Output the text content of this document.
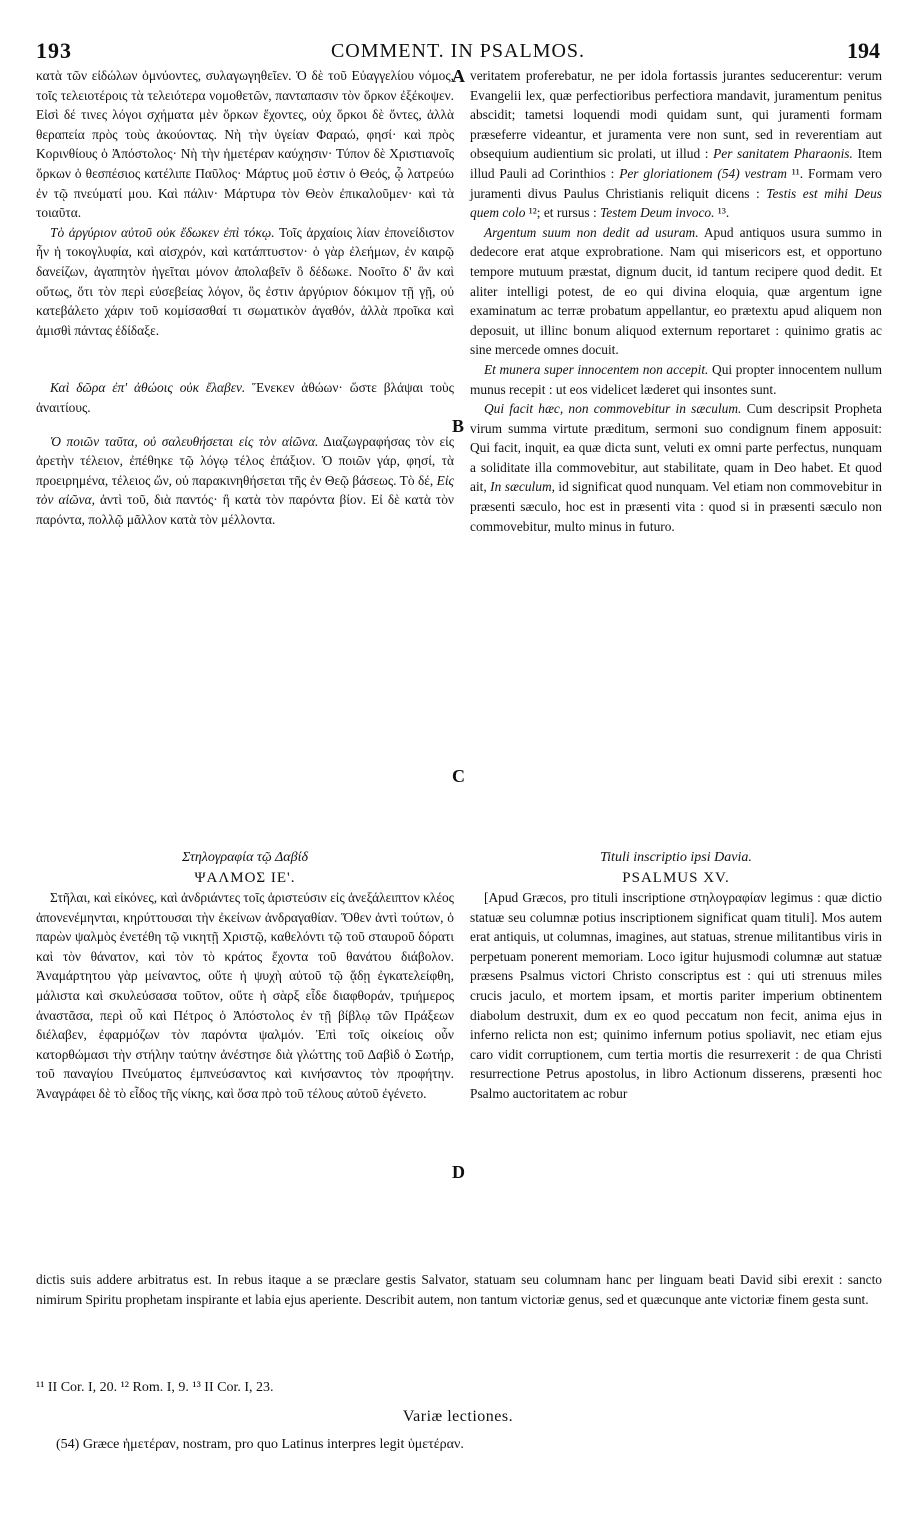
193	COMMENT. IN PSALMOS.	194

κατὰ τῶν εἰδώλων ὀμνύοντες, συλαγωγηθεῖεν. Ὁ δὲ τοῦ Εὐαγγελίου νόμος, τοῖς τελειοτέροις τὰ τελειότερα νομοθετῶν, πανταπασιν τὸν ὅρκον ἐξέκοψεν. Εἰσὶ δέ τινες λόγοι σχήματα μὲν ὅρκων ἔχοντες, οὐχ ὅρκοι δὲ ὄντες, ἀλλὰ θεραπεία πρὸς τοὺς ἀκούοντας. Νὴ τὴν ὑγείαν Φαραώ, φησί· καὶ πρὸς Κορινθίους ὁ Ἀπόστολος· Νὴ τὴν ἡμετέραν καύχησιν· Τύπον δὲ Χριστιανοῖς ὅρκων ὁ θεσπέσιος κατέλιπε Παῦλος· Μάρτυς μοῦ ἐστιν ὁ Θεός, ᾧ λατρεύω ἐν τῷ πνεύματί μου. Καὶ πάλιν· Μάρτυρα τὸν Θεὸν ἐπικαλοῦμεν· καὶ τὰ τοιαῦτα.

Τὸ ἀργύριον αὐτοῦ οὐκ ἔδωκεν ἐπὶ τόκῳ. Τοῖς ἀρχαίοις λίαν ἐπονείδιστον ἦν ἡ τοκογλυφία, καὶ αἰσχρόν, καὶ κατάπτυστον· ὁ γὰρ ἐλεήμων, ἐν καιρῷ δανείζων, ἀγαπητὸν ἡγεῖται μόνον ἀπολαβεῖν ὃ δέδωκε. Νοοῖτο δ' ἂν καὶ οὕτως, ὅτι τὸν περὶ εὐσεβείας λόγον, ὃς ἐστιν ἀργύριον δόκιμον τῇ γῇ, οὐ κατεβάλετο χάριν τοῦ κομίσασθαί τι σωματικὸν ἀγαθόν, ἀλλὰ προῖκα καὶ ἀμισθὶ πάντας ἐδίδαξε.

Καὶ δῶρα ἐπ' ἀθώοις οὐκ ἔλαβεν. Ἕνεκεν ἀθώων· ὥστε βλάψαι τοὺς ἀναιτίους.

Ὁ ποιῶν ταῦτα, οὐ σαλευθήσεται εἰς τὸν αἰῶνα. Διαζωγραφήσας τὸν εἰς ἀρετὴν τέλειον, ἐπέθηκε τῷ λόγῳ τέλος ἐπάξιον. Ὁ ποιῶν γάρ, φησί, τὰ προειρημένα, τέλειος ὤν, οὐ παρακινηθήσεται τῆς ἐν Θεῷ βάσεως. Τὸ δέ, Εἰς τὸν αἰῶνα, ἀντὶ τοῦ, διὰ παντός· ἢ κατὰ τὸν παρόντα βίον. Εἰ δὲ κατὰ τὸν παρόντα, πολλῷ μᾶλλον κατὰ τὸν μέλλοντα.

veritatem proferebatur, ne per idola fortassis jurantes seducerentur: verum Evangelii lex, quæ perfectioribus perfectiora mandavit, juramentum penitus abscidit; tametsi loquendi modi quidam sunt, qui juramenti formam præseferre videantur, et juramenta vere non sunt, sed in reverentiam aut obsequium audientium sic prolati, ut illud : Per sanitatem Pharaonis. Item illud Pauli ad Corinthios : Per gloriationem (54) vestram ¹¹. Formam vero juramenti divus Paulus Christianis reliquit dicens : Testis est mihi Deus quem colo ¹²; et rursus : Testem Deum invoco. ¹³.

Argentum suum non dedit ad usuram. Apud antiquos usura summo in dedecore erat atque exprobratione. Nam qui misericors est, et opportuno tempore mutuum præstat, dignum ducit, id tantum recipere quod dedit. Et aliter intelligi potest, de eo qui divina eloquia, quæ argentum igne examinatum ac terræ probatum appellantur, eo prætextu apud aliquem non deposuit, ut illinc bonum aliquod externum reportaret : quinimo gratis ac sine mercede omnes docuit.

Et munera super innocentem non accepit. Qui propter innocentem nullum munus recepit : ut eos videlicet læderet qui insontes sunt.

Qui facit hæc, non commovebitur in sæculum. Cum descripsit Propheta virum summa virtute præditum, sermoni suo condignum finem apposuit: Qui facit, inquit, ea quæ dicta sunt, veluti ex omni parte perfectus, nunquam a soliditate illa commovebitur, aut stabilitate, quam in Deo habet. Et quod ait, In sæculum, id significat quod nunquam. Vel etiam non commovebitur in præsenti sæculo, hoc est in præsenti vita : quod si in præsenti sæculo non commovebitur, multo minus in futuro.

Στηλογραφία τῷ Δαβίδ

ΨΑΛΜΟΣ ΙΕ'.

Στῆλαι, καὶ εἰκόνες, καὶ ἀνδριάντες τοῖς ἀριστεύσιν εἰς ἀνεξάλειπτον κλέος ἀπονενέμηνται, κηρύττουσαι τὴν ἐκείνων ἀνδραγαθίαν. Ὅθεν ἀντὶ τούτων, ὁ παρὼν ψαλμὸς ἐνετέθη τῷ νικητῇ Χριστῷ, καθελόντι τῷ τοῦ σταυροῦ δόρατι καὶ τὸν θάνατον, καὶ τὸν τὸ κράτος ἔχοντα τοῦ θανάτου διάβολον. Ἀναμάρτητου γὰρ μείναντος, οὔτε ἡ ψυχὴ αὐτοῦ τῷ ᾅδῃ ἐγκατελείφθη, μάλιστα καὶ σκυλεύσασα τοῦτον, οὔτε ἡ σὰρξ εἶδε διαφθοράν, τριήμερος ἀναστᾶσα, περὶ οὗ καὶ Πέτρος ὁ Ἀπόστολος ἐν τῇ βίβλῳ τῶν Πράξεων διέλαβεν, ἐφαρμόζων τὸν παρόντα ψαλμόν. Ἐπὶ τοῖς οἰκείοις οὖν κατορθώμασι τὴν στήλην ταύτην ἀνέστησε διὰ γλώττης τοῦ Δαβὶδ ὁ Σωτήρ, τοῦ παναγίου Πνεύματος ἐμπνεύσαντος καὶ κινήσαντος τὸν προφήτην. Ἀναγράφει δὲ τὸ εἶδος τῆς νίκης, καὶ ὅσα πρὸ τοῦ τέλους αὐτοῦ ἐγένετο.

Tituli inscriptio ipsi Davia.

PSALMUS XV.

[Apud Græcos, pro tituli inscriptione στηλογραφίαν legimus : quæ dictio statuæ seu columnæ potius inscriptionem significat quam tituli]. Mos autem erat antiquis, ut columnas, imagines, aut statuas, strenue militantibus viris in perpetuam ponerent memoriam. Loco igitur hujusmodi columnæ aut statuæ præsens Psalmus victori Christo conscriptus est : qui uti strenuus miles crucis jaculo, et mortem ipsam, et mortis pariter imperium obtinentem diabolum destruxit, dum ex eo quod peccatum non fecit, anima ejus in inferno relicta non est; quinimo infernum potius spoliavit, nec etiam ejus caro vidit corruptionem, cum tertia mortis die resurrexerit : de qua Christi resurrectione Petrus apostolus, in libro Actionum disserens, præsenti hoc Psalmo auctoritatem ac robur

dictis suis addere arbitratus est. In rebus itaque a se præclare gestis Salvator, statuam seu columnam hanc per linguam beati David sibi erexit : sancto nimirum Spiritu prophetam inspirante et labia ejus aperiente. Describit autem, non tantum victoriæ genus, sed et quæcunque ante victoriæ finem gesta sunt.
A
B
C
D
¹¹ II Cor. I, 20. ¹² Rom. I, 9. ¹³ II Cor. I, 23.
Variæ lectiones.
(54) Græce ἡμετέραν, nostram, pro quo Latinus interpres legit ὑμετέραν.
